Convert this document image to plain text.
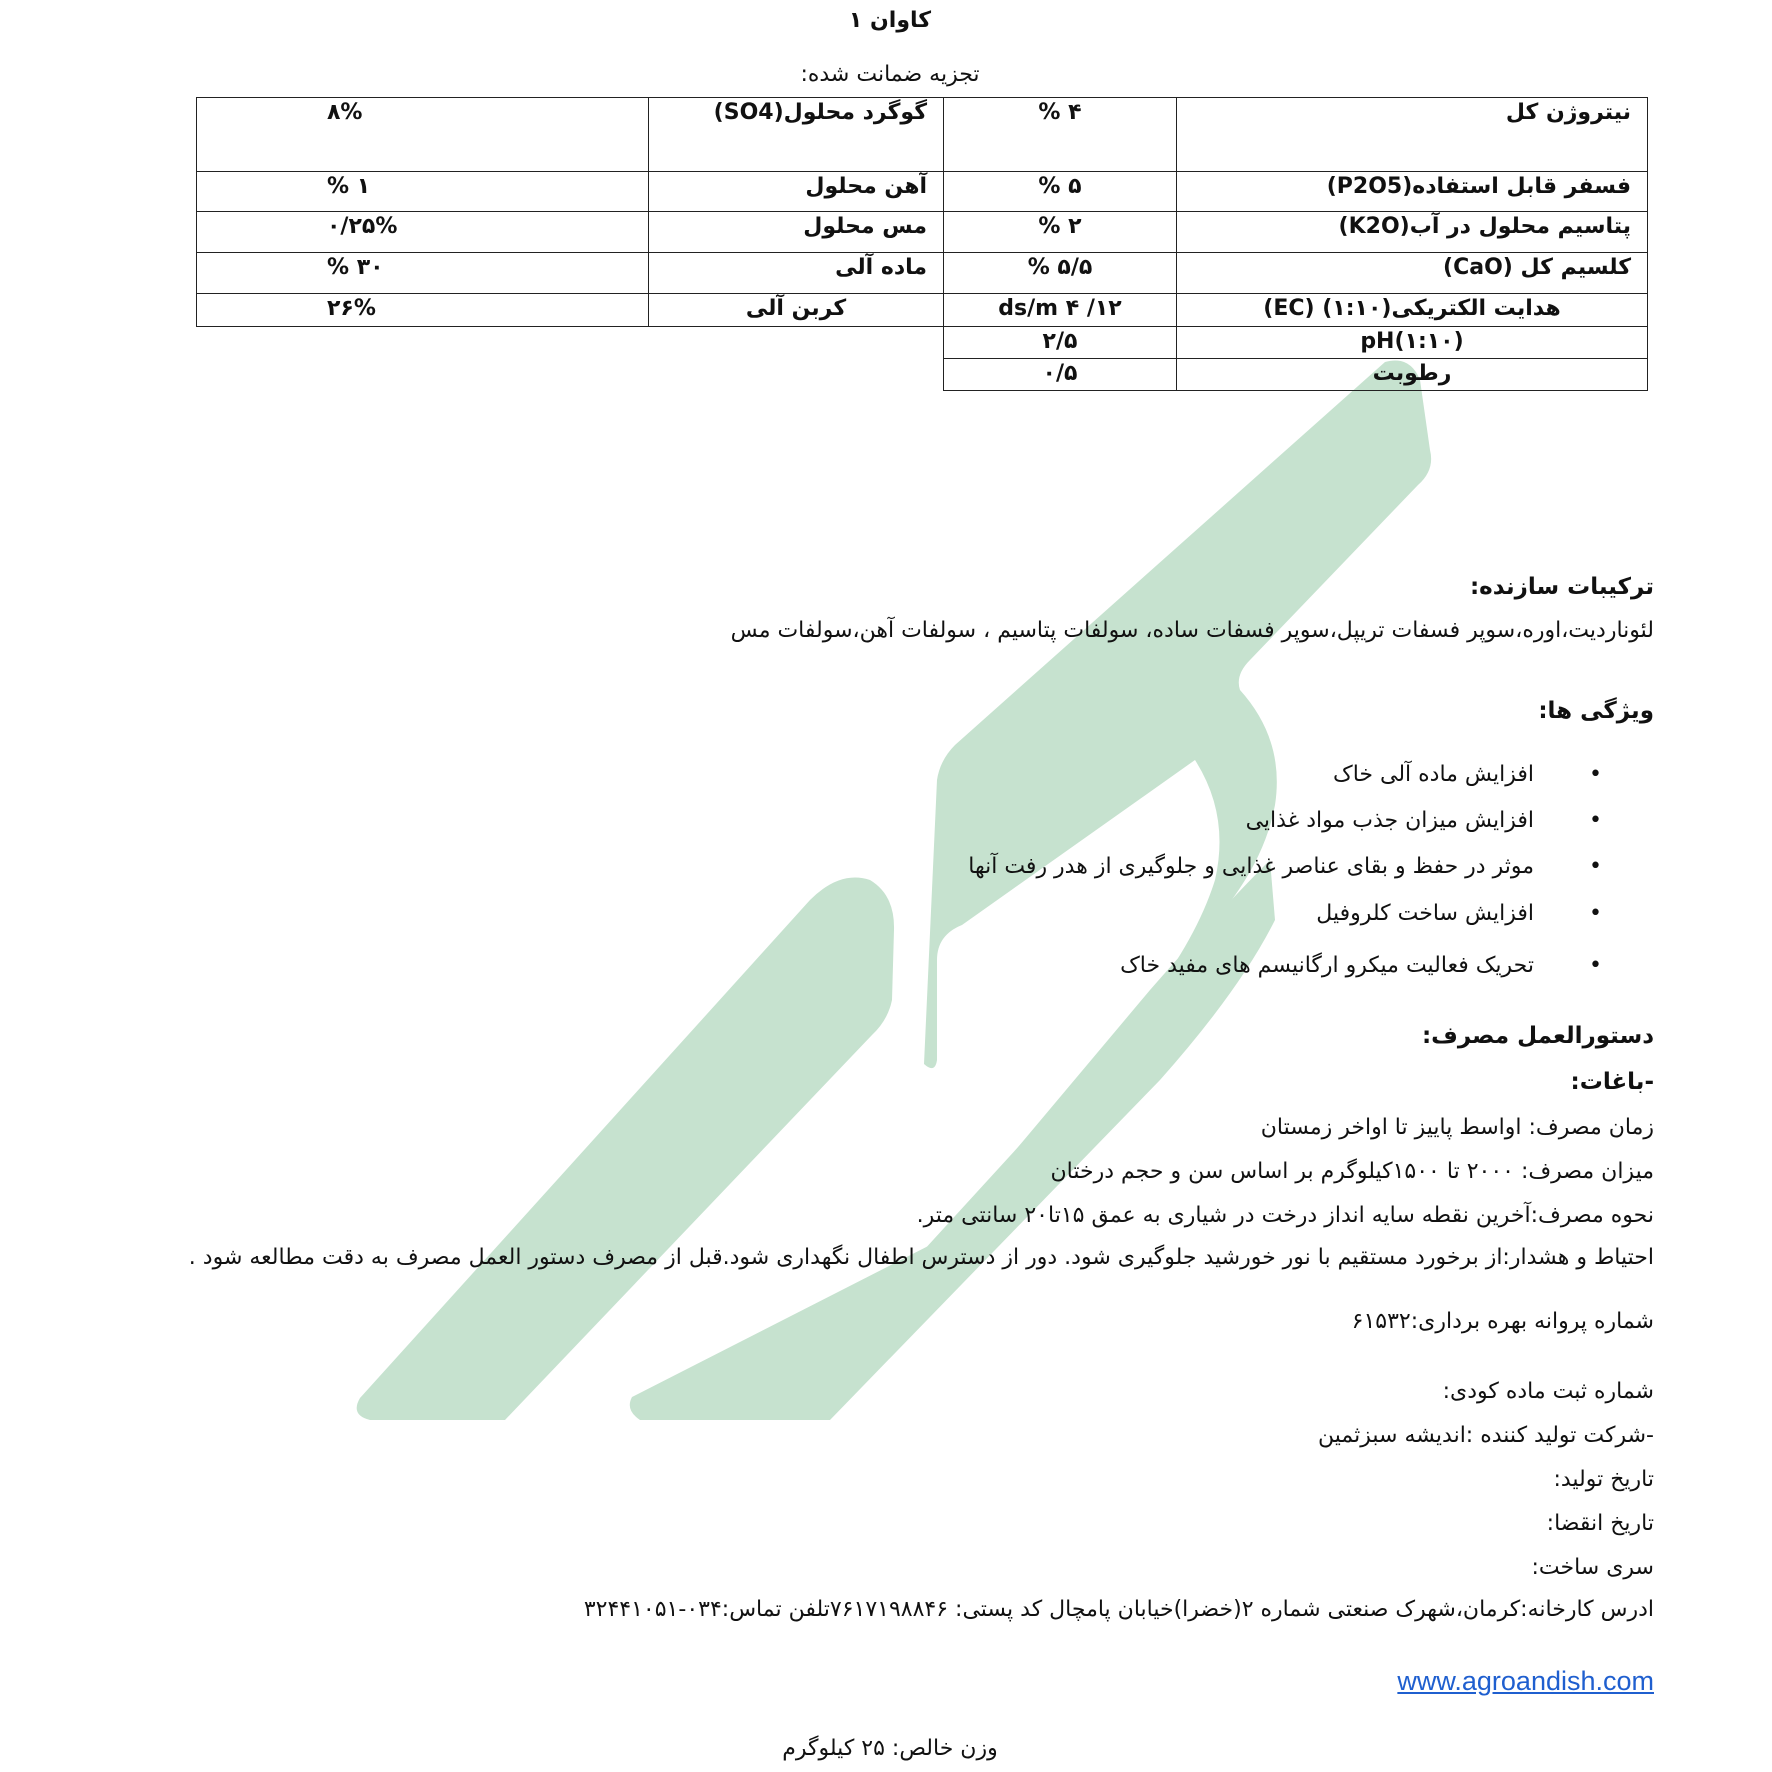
کاوان ۱
تجزیه ضمانت شده:
۸%	گوگرد محلول(SO4)	۴ %	نیتروژن کل
۱ %	آهن محلول	۵ %	فسفر قابل استفاده(P2O5)
۰/۲۵%	مس محلول	۲ %	پتاسیم محلول در آب(K2O)
۳۰ %	ماده آلی	۵/۵ %	کلسیم کل (CaO)
۲۶%	کربن آلی	۱۲/ ۴ ds/m	هدایت الکتریکی(۱:۱۰) (EC)
		۲/۵	pH(۱:۱۰)
		۰/۵	رطوبت
ترکیبات سازنده:
لئوناردیت،اوره،سوپر فسفات تریپل،سوپر فسفات ساده، سولفات پتاسیم ، سولفات آهن،سولفات مس
ویژگی ها:
• افزایش ماده آلی خاک
• افزایش میزان جذب مواد غذایی
• موثر در حفظ و بقای عناصر غذایی و جلوگیری از هدر رفت آنها
• افزایش ساخت کلروفیل
• تحریک فعالیت میکرو ارگانیسم های مفید خاک
دستورالعمل مصرف:
-باغات:
زمان مصرف: اواسط پاییز تا اواخر زمستان
میزان مصرف: ۲۰۰۰ تا ۱۵۰۰کیلوگرم بر اساس سن و حجم درختان
نحوه مصرف:آخرین نقطه سایه انداز درخت در شیاری به عمق ۱۵تا۲۰ سانتی متر.
احتیاط و هشدار:از برخورد مستقیم با نور خورشید جلوگیری شود. دور از دسترس اطفال نگهداری شود.قبل از مصرف دستور العمل مصرف به دقت مطالعه شود .
شماره پروانه بهره برداری:۶۱۵۳۲
شماره ثبت ماده کودی:
-شرکت تولید کننده :اندیشه سبزثمین
تاریخ تولید:
تاریخ انقضا:
سری ساخت:
ادرس کارخانه:کرمان،شهرک صنعتی شماره ۲(خضرا)خیابان پامچال کد پستی: ۷۶۱۷۱۹۸۸۴۶تلفن تماس:۰۳۴-۳۲۴۴۱۰۵۱
www.agroandish.com
وزن خالص: ۲۵ کیلوگرم
